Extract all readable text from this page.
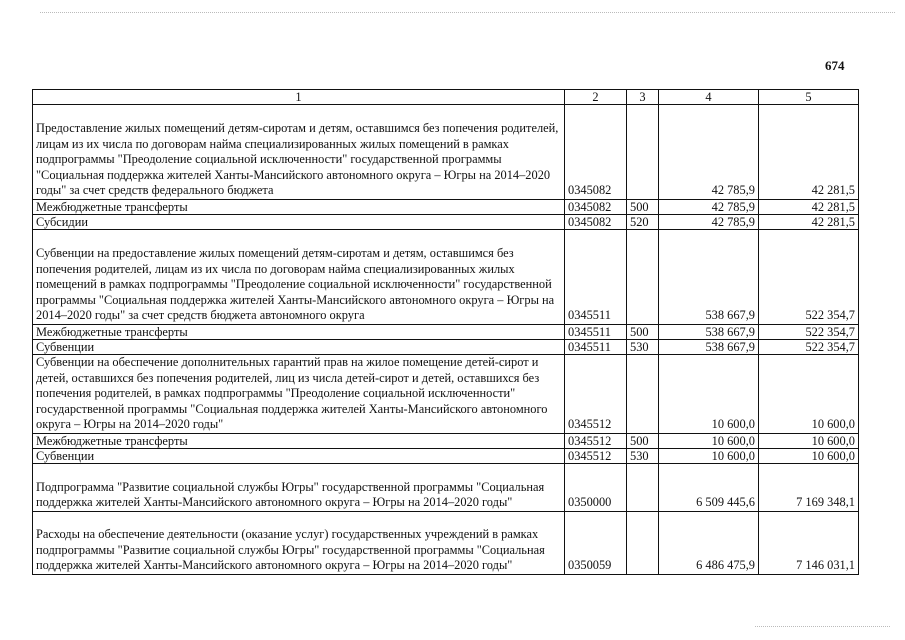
674
1	2	3	4	5
Предоставление жилых помещений детям-сиротам и детям, оставшимся без попечения родителей, лицам из их числа по договорам найма специализированных жилых помещений в рамках подпрограммы "Преодоление социальной исключенности" государственной программы "Социальная поддержка жителей Ханты-Мансийского автономного округа – Югры на 2014–2020 годы" за счет средств федерального бюджета	0345082		42 785,9	42 281,5
Межбюджетные трансферты	0345082	500	42 785,9	42 281,5
Субсидии	0345082	520	42 785,9	42 281,5
Субвенции на предоставление жилых помещений детям-сиротам и детям, оставшимся без попечения родителей, лицам из их числа по договорам найма специализированных жилых помещений в рамках подпрограммы "Преодоление социальной исключенности" государственной программы "Социальная поддержка жителей Ханты-Мансийского автономного округа – Югры на 2014–2020 годы" за счет средств бюджета автономного округа	0345511		538 667,9	522 354,7
Межбюджетные трансферты	0345511	500	538 667,9	522 354,7
Субвенции	0345511	530	538 667,9	522 354,7
Субвенции на обеспечение дополнительных гарантий прав на жилое помещение детей-сирот и детей, оставшихся без попечения родителей, лиц из числа детей-сирот и детей, оставшихся без попечения родителей, в рамках подпрограммы "Преодоление социальной исключенности" государственной программы "Социальная поддержка жителей Ханты-Мансийского автономного округа – Югры на 2014–2020 годы"	0345512		10 600,0	10 600,0
Межбюджетные трансферты	0345512	500	10 600,0	10 600,0
Субвенции	0345512	530	10 600,0	10 600,0
Подпрограмма "Развитие социальной службы Югры" государственной программы "Социальная поддержка жителей Ханты-Мансийского автономного округа – Югры на 2014–2020 годы"	0350000		6 509 445,6	7 169 348,1
Расходы на обеспечение деятельности (оказание услуг) государственных учреждений в рамках подпрограммы "Развитие социальной службы Югры" государственной программы "Социальная поддержка жителей Ханты-Мансийского автономного округа – Югры на 2014–2020 годы"	0350059		6 486 475,9	7 146 031,1
